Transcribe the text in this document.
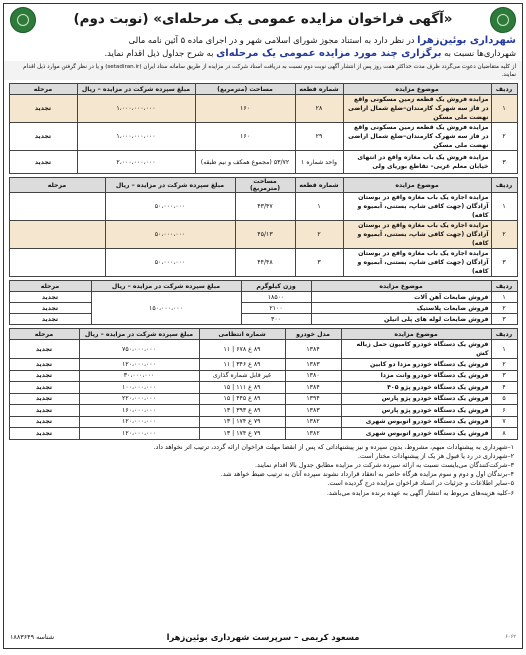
«آگهی فراخوان مزایده عمومی یک مرحله‌ای» (نوبت دوم)
شهرداری بوئین‌زهرا در نظر دارد به استناد مجوز شورای اسلامی شهر و در اجرای ماده ۵ آئین نامه مالی
شهرداری‌ها نسبت به برگزاری چند مورد مزایده عمومی یک مرحله‌ای به شرح جداول ذیل اقدام نماید.
از کلیه متقاضیان دعوت می‌گردد ظرف مدت حداکثر هفت روز پس از انتشار آگهی نوبت دوم نسبت به دریافت اسناد شرکت در مزایده از طریق سامانه ستاد ایران (setadiran.ir) و یا در نظر گرفتن موارد ذیل اقدام نمایند.
ردیف	موضوع مزایده	شماره قطعه	مساحت (مترمربع)	مبلغ سپرده شرکت در مزایده – ریال	مرحله
۱	مزایده فروش یک قطعه زمین مسکونی واقع در فاز سه شهرک کارمندان–ضلع شمال اراضی نهضت ملی مسکن	۲۸	۱۶۰	۱،۰۰۰،۰۰۰،۰۰۰	تجدید
۲	مزایده فروش یک قطعه زمین مسکونی واقع در فاز سه شهرک کارمندان–ضلع شمال اراضی نهضت ملی مسکن	۲۹	۱۶۰	۱،۰۰۰،۰۰۰،۰۰۰	تجدید
۳	مزایده فروش یک باب مغازه واقع در انتهای خیابان معلم غربی– تقاطع بوریای ولی	واحد شماره ۱	۵۳/۷۲ (مجموع همکف و نیم طبقه)	۲،۰۰۰،۰۰۰،۰۰۰	تجدید
ردیف	موضوع مزایده	شماره قطعه	مساحت (مترمربع)	مبلغ سپرده شرکت در مزایده – ریال	مرحله
۱	مزایده اجاره یک باب مغازه واقع در بوستان آزادگان (جهت کافی شاپ، بستنی، آبمیوه و کافه)	۱	۴۳/۴۷	۵۰،۰۰۰،۰۰۰	
۲	مزایده اجاره یک باب مغازه واقع در بوستان آزادگان (جهت کافی شاپ، بستنی، آبمیوه و کافه)	۲	۴۵/۱۳	۵۰،۰۰۰،۰۰۰	
۳	مزایده اجاره یک باب مغازه واقع در بوستان آزادگان (جهت کافی شاپ، بستنی، آبمیوه و کافه)	۳	۴۴/۴۸	۵۰،۰۰۰،۰۰۰	
ردیف	موضوع مزایده	وزن کیلوگرم	مبلغ سپرده شرکت در مزایده – ریال	مرحله
۱	فروش ضایعات آهن آلات	۱۸۵۰۰	۱۵۰،۰۰۰،۰۰۰	تجدید
۲	فروش ضایعات پلاستیک	۲۱۰۰		تجدید
۳	فروش ضایعات لوله های پلی اتیلن	۳۰۰		تجدید
ردیف	موضوع مزایده	مدل خودرو	شماره انتظامی	مبلغ سپرده شرکت در مزایده – ریال	مرحله
۱	فروش یک دستگاه خودرو کامیون حمل زباله کش	۱۳۸۴	۸۹ ع ۶۷۸ | ۱۱	۷۵۰،۰۰۰،۰۰۰	تجدید
۲	فروش یک دستگاه خودرو مزدا دو کابین	۱۳۸۳	۸۹ ع ۳۴۶ | ۱۱	۱۲۰،۰۰۰،۰۰۰	تجدید
۳	فروش یک دستگاه خودرو وانت مزدا	۱۳۸۰	غیر قابل شماره گذاری	۳۰،۰۰۰،۰۰۰	تجدید
۴	فروش یک دستگاه خودرو پژو ۴۰۵	۱۳۸۴	۸۹ ع ۱۱۱ | ۱۵	۱۰۰،۰۰۰،۰۰۰	تجدید
۵	فروش یک دستگاه خودرو پژو پارس	۱۳۹۴	۸۹ ع ۴۴۵ | ۱۵	۲۲۰،۰۰۰،۰۰۰	تجدید
۶	فروش یک دستگاه خودرو پژو پارس	۱۳۸۳	۸۹ ع ۳۹۳ | ۱۳	۱۶۰،۰۰۰،۰۰۰	تجدید
۷	فروش یک دستگاه خودرو اتوبوس شهری	۱۳۸۲	۷۹ ع ۱۷۴ | ۱۳	۱۲۰،۰۰۰،۰۰۰	تجدید
۸	فروش یک دستگاه خودرو اتوبوس شهری	۱۳۸۲	۷۹ ع ۱۷۴ | ۱۳	۱۲۰،۰۰۰،۰۰۰	تجدید
۱–شهرداری به پیشنهادات مبهم، مشروط، بدون سپرده و نیز پیشنهاداتی که پس از انقضا مهلت فراخوان ارائه گردد، ترتیب اثر نخواهد داد.
۲–شهرداری در رد یا قبول هر یک از پیشنهادات مختار است.
۳–شرکت‌کنندگان می‌بایست نسبت به ارائه سپرده شرکت در مزایده مطابق جدول بالا اقدام نمایند.
۴–برندگان اول و دوم و سوم مزایده هرگاه حاضر به انعقاد قرارداد نشوند سپرده آنان به ترتیب ضبط خواهد شد.
۵–سایر اطلاعات و جزئیات در اسناد فراخوان مزایده درج گردیده است.
۶–کلیه هزینه‌های مربوط به انتشار آگهی به عهده برنده مزایده می‌باشد.
۶۰۶۲
مسعود کریمی – سرپرست شهرداری بوئین‌زهرا
شناسه ۱۸۸۳۶۴۹
